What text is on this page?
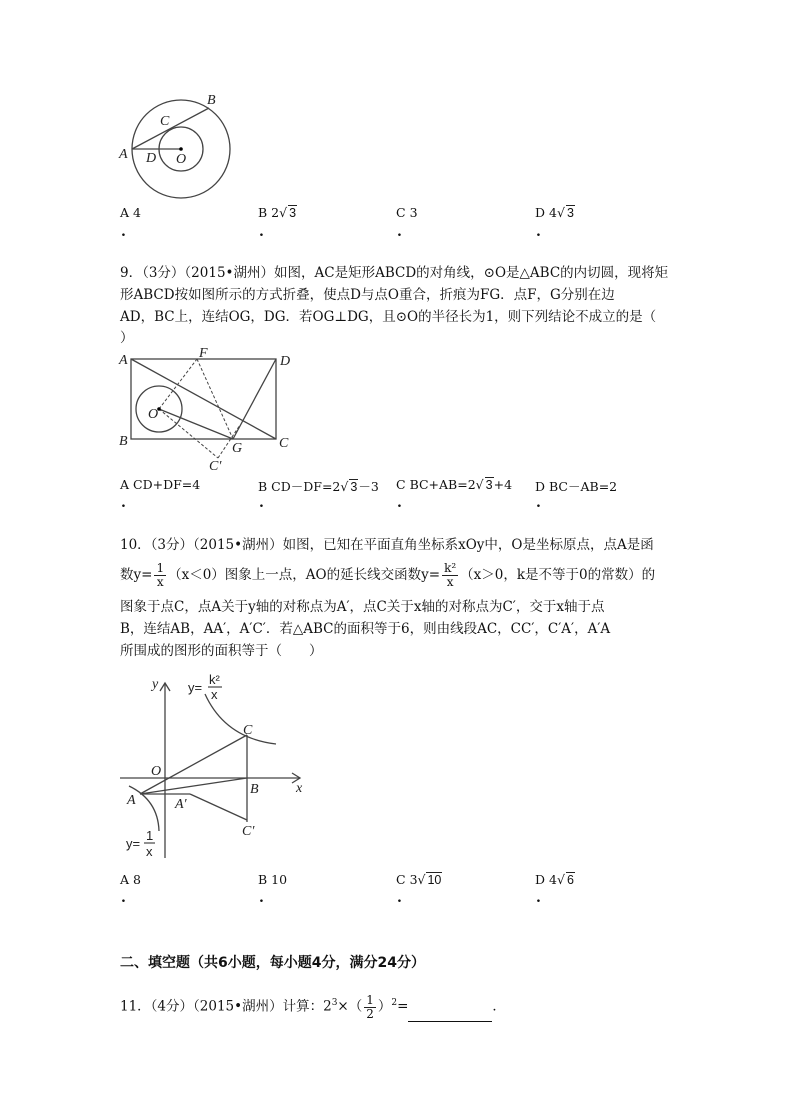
A
B
C
D O
A 4	B 2√ 3	C 3	D 4√ 3
.	.	.	.
9．（3分）（2015•湖州）如图，AC是矩形ABCD的对角线，⊙O是△ABC的内切圆，现将矩
形ABCD按如图所示的方式折叠，使点D与点O重合，折痕为FG．点F，G分别在边
AD，BC上，连结OG，DG．若OG⊥DG，且⊙O的半径长为1，则下列结论不成立的是（
）
A	D
B	C
F
G
O
C′
A CD+DF=4	B CD－DF=2√ 3－3 C BC+AB=2√ 3+4 D BC－AB=2
.	.	.	.
10．（3分）（2015•湖州）如图，已知在平面直角坐标系xOy中，O是坐标原点，点A是函
数$y= \frac{1}{x} (x<0)$图象上一点，AO的延长线交函数$y= \frac{\text{k²}}{x} (x>0$，k是不等于0的常数）的
图象于点C，点A关于y轴的对称点为A′，点C关于x轴的对称点为C′，交于x轴于点
B，连结AB，AA′，A′C′．若△ABC的面积等于6，则由线段AC，CC′，C′A′，A′A
所围成的图形的面积等于（　　）
y
x
O
A	A′
B
C
C′
y=
k²
x
y=
1
x
A 8	B 10	C 3√ 10	D 4√ 6
.	.	.	.
二、填空题（共6小题，每小题4分，满分24分）
11．（4分）（2015•湖州）计算：$2^3\times( \frac{1}{2} )^2=$	．
